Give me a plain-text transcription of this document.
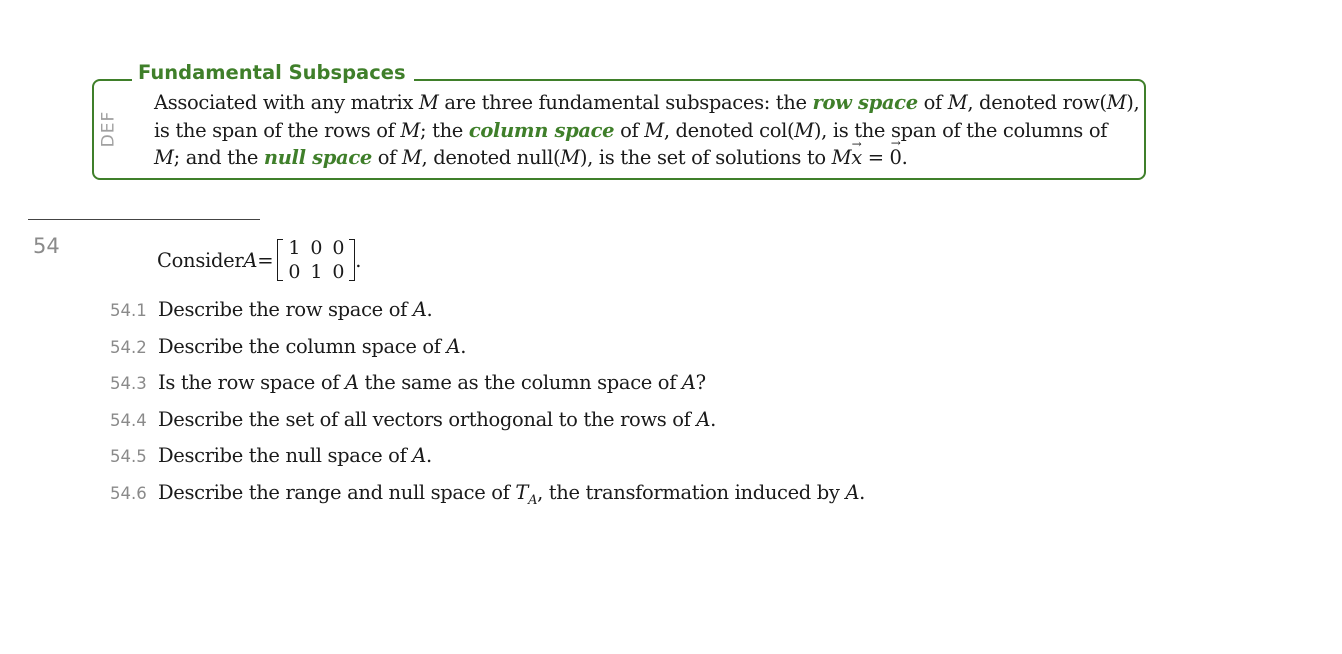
Fundamental Subspaces
DEF
Associated with any matrix M are three fundamental subspaces: the row space of M, denoted row(M),
is the span of the rows of M; the column space of M, denoted col(M), is the span of the columns of
M; and the null space of M, denoted null(M), is the set of solutions to M→ x = → 0.
54
Consider A =
1 0 0
0 1 0
.
54.1 Describe the row space of A.
54.2 Describe the column space of A.
54.3 Is the row space of A the same as the column space of A?
54.4 Describe the set of all vectors orthogonal to the rows of A.
54.5 Describe the null space of A.
54.6 Describe the range and null space of $T_A$, the transformation induced by A.
